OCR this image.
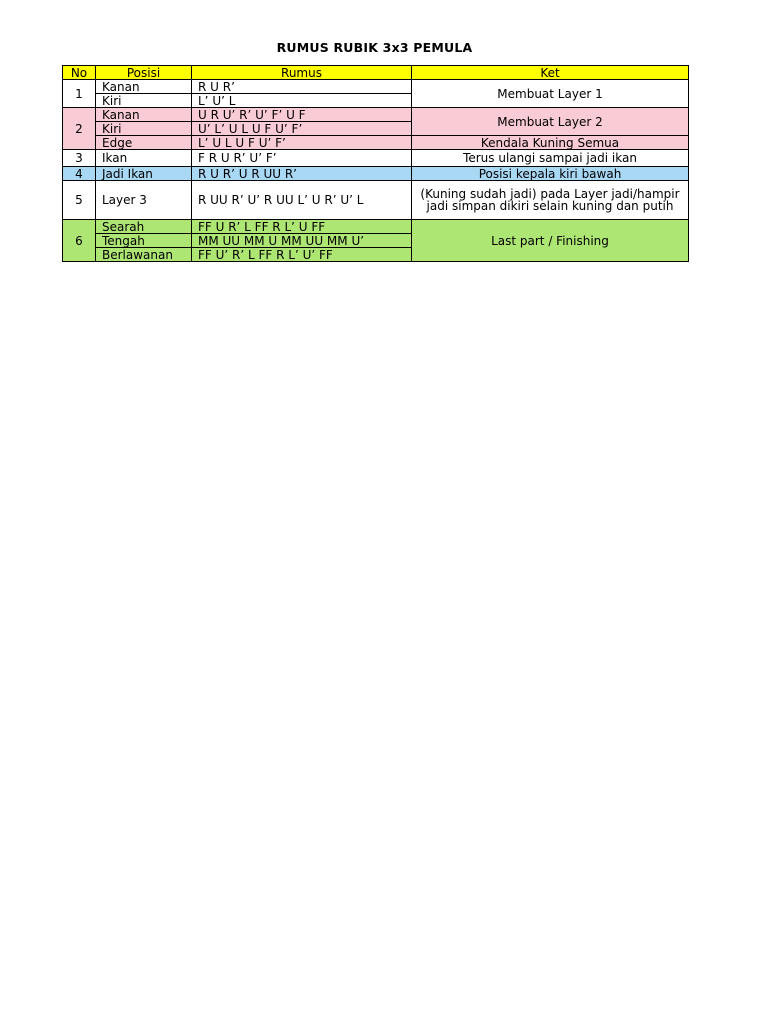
RUMUS RUBIK 3x3 PEMULA
No	Posisi	Rumus	Ket
1	Kanan	R U R’	Membuat Layer 1
	Kiri	L’ U’ L	
2	Kanan	U R U’ R’ U’ F’ U F	Membuat Layer 2
	Kiri	U’ L’ U L U F U’ F’	
	Edge	L’ U L U F U’ F’	Kendala Kuning Semua
3	Ikan	F R U R’ U’ F’	Terus ulangi sampai jadi ikan
4	Jadi Ikan	R U R’ U R UU R’	Posisi kepala kiri bawah
5	Layer 3	R UU R’ U’ R UU L’ U R’ U’ L	(Kuning sudah jadi) pada Layer jadi/hampir jadi simpan dikiri selain kuning dan putih
6	Searah	FF U R’ L FF R L’ U FF	Last part / Finishing
	Tengah	MM UU MM U MM UU MM U’	
	Berlawanan	FF U’ R’ L FF R L’ U’ FF	
